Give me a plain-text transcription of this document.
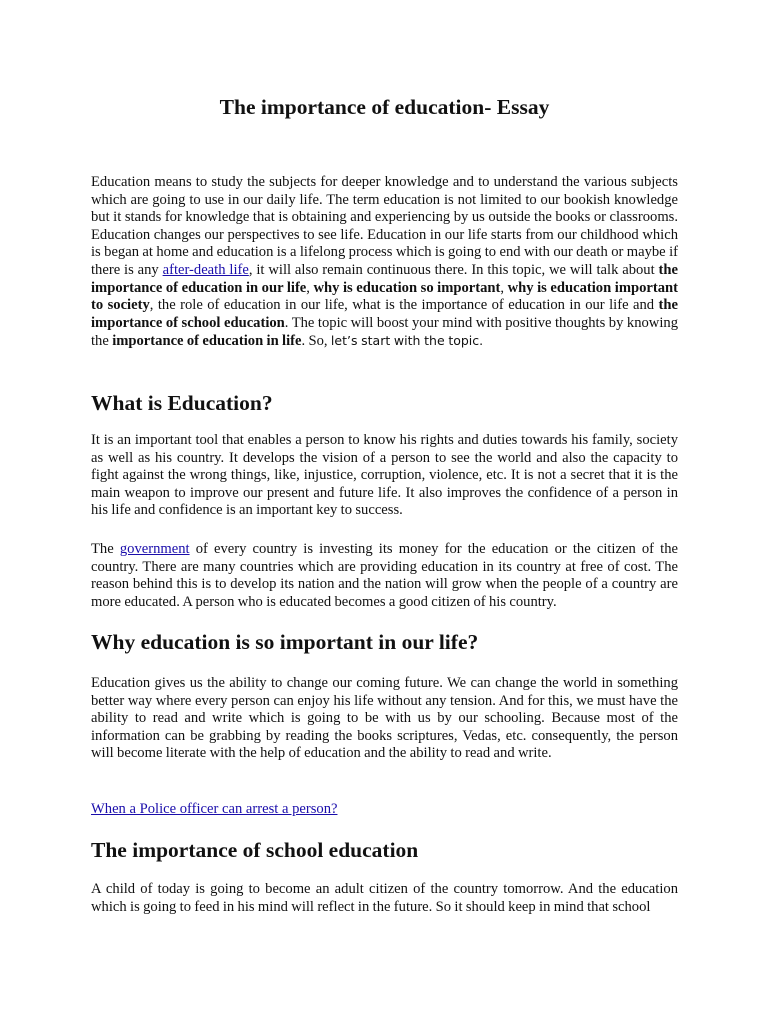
The importance of education- Essay

Education means to study the subjects for deeper knowledge and to understand the various subjects which are going to use in our daily life. The term education is not limited to our bookish knowledge but it stands for knowledge that is obtaining and experiencing by us outside the books or classrooms. Education changes our perspectives to see life. Education in our life starts from our childhood which is began at home and education is a lifelong process which is going to end with our death or maybe if there is any after-death life, it will also remain continuous there. In this topic, we will talk about the importance of education in our life, why is education so important, why is education important to society, the role of education in our life, what is the importance of education in our life and the importance of school education. The topic will boost your mind with positive thoughts by knowing the importance of education in life. So, let’s start with the topic.

What is Education?

It is an important tool that enables a person to know his rights and duties towards his family, society as well as his country. It develops the vision of a person to see the world and also the capacity to fight against the wrong things, like, injustice, corruption, violence, etc. It is not a secret that it is the main weapon to improve our present and future life. It also improves the confidence of a person in his life and confidence is an important key to success.

The government of every country is investing its money for the education or the citizen of the country. There are many countries which are providing education in its country at free of cost. The reason behind this is to develop its nation and the nation will grow when the people of a country are more educated. A person who is educated becomes a good citizen of his country.

Why education is so important in our life?

Education gives us the ability to change our coming future. We can change the world in something better way where every person can enjoy his life without any tension. And for this, we must have the ability to read and write which is going to be with us by our schooling. Because most of the information can be grabbing by reading the books scriptures, Vedas, etc. consequently, the person will become literate with the help of education and the ability to read and write.

When a Police officer can arrest a person?

The importance of school education

A child of today is going to become an adult citizen of the country tomorrow. And the education which is going to feed in his mind will reflect in the future. So it should keep in mind that school
